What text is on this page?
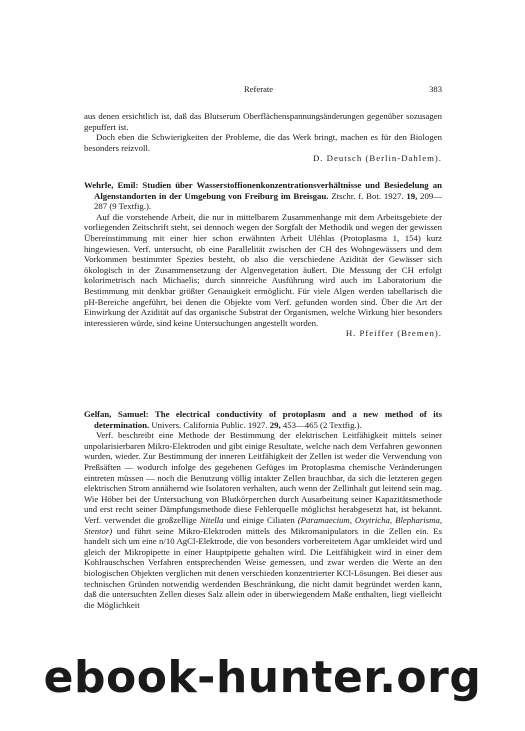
Referate	383

aus denen ersichtlich ist, daß das Blutserum Oberflächenspannungsänderungen gegenüber sozusagen gepuffert ist.

Doch eben die Schwierigkeiten der Probleme, die das Werk bringt, machen es für den Biologen besonders reizvoll.

D. Deutsch (Berlin-Dahlem).

Wehrle, Emil: Studien über Wasserstoffionenkonzentrationsverhältnisse und Besiedelung an Algenstandorten in der Umgebung von Freiburg im Breisgau. Ztschr. f. Bot. 1927. 19, 209—287 (9 Textfig.).

Auf die vorstehende Arbeit, die nur in mittelbarem Zusammenhange mit dem Arbeitsgebiete der vorliegenden Zeitschrift steht, sei dennoch wegen der Sorgfalt der Methodik und wegen der gewissen Übereinstimmung mit einer hier schon erwähnten Arbeit Uléhlas (Protoplasma 1, 154) kurz hingewiesen. Verf. untersucht, ob eine Parallelität zwischen der CH des Wohngewässers und dem Vorkommen bestimmter Spezies besteht, ob also die verschiedene Azidität der Gewässer sich ökologisch in der Zusammensetzung der Algenvegetation äußert. Die Messung der CH erfolgt kolorimetrisch nach Michaelis; durch sinnreiche Ausführung wird auch im Laboratorium die Bestimmung mit denkbar größter Genauigkeit ermöglicht. Für viele Algen werden tabellarisch die pH-Bereiche angeführt, bei denen die Objekte vom Verf. gefunden worden sind. Über die Art der Einwirkung der Azidität auf das organische Substrat der Organismen, welche Wirkung hier besonders interessieren würde, sind keine Untersuchungen angestellt worden.

H. Pfeiffer (Bremen).

Gelfan, Samuel: The electrical conductivity of protoplasm and a new method of its determination. Univers. California Public. 1927. 29, 453—465 (2 Textfig.).

Verf. beschreibt eine Methode der Bestimmung der elektrischen Leitfähigkeit mittels seiner unpolarisierbaren Mikro-Elektroden und gibt einige Resultate, welche nach dem Verfahren gewonnen wurden, wieder. Zur Bestimmung der inneren Leitfähigkeit der Zellen ist weder die Verwendung von Preßsäften — wodurch infolge des gegebenen Gefüges im Protoplasma chemische Veränderungen eintreten müssen — noch die Benutzung völlig intakter Zellen brauchbar, da sich die letzteren gegen elektrischen Strom annähernd wie Isolatoren verhalten, auch wenn der Zellinhalt gut leitend sein mag. Wie Höber bei der Untersuchung von Blutkörperchen durch Ausarbeitung seiner Kapazitätsmethode und erst recht seiner Dämpfungsmethode diese Fehlerquelle möglichst herabgesetzt hat, ist bekannt. Verf. verwendet die großzellige Nitella und einige Ciliaten (Paramaecium, Oxytricha, Blepharisma, Stentor) und führt seine Mikro-Elektroden mittels des Mikromanipulators in die Zellen ein. Es handelt sich um eine n/10 AgCl-Elektrode, die von besonders vorbereitetem Agar umkleidet wird und gleich der Mikropipette in einer Hauptpipette gehalten wird. Die Leitfähigkeit wird in einer dem Kohlrauschschen Verfahren entsprechenden Weise gemessen, und zwar werden die Werte an den biologischen Objekten verglichen mit denen verschieden konzentrierter KCl-Lösungen. Bei dieser aus technischen Gründen notwendig werdenden Beschränkung, die nicht damit begründet werden kann, daß die untersuchten Zellen dieses Salz allein oder in überwiegendem Maße enthalten, liegt vielleicht die Möglichkeit

ebook-hunter.org
